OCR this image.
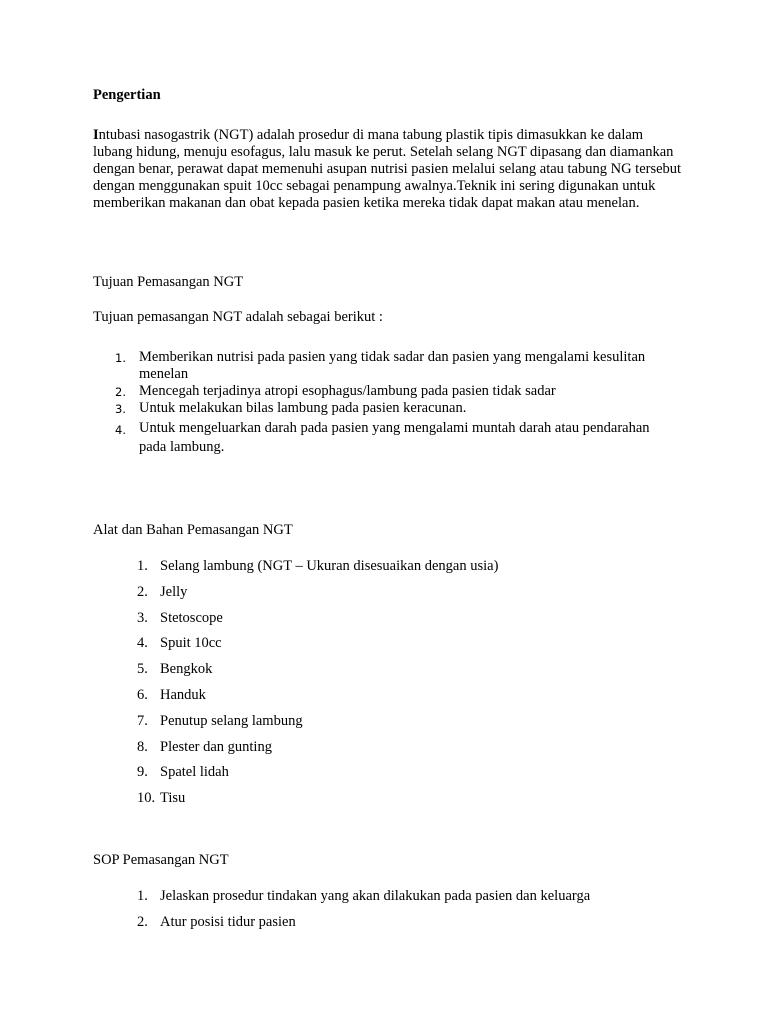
Pengertian
Intubasi nasogastrik (NGT) adalah prosedur di mana tabung plastik tipis dimasukkan ke dalam lubang hidung, menuju esofagus, lalu masuk ke perut. Setelah selang NGT dipasang dan diamankan dengan benar, perawat dapat memenuhi asupan nutrisi pasien melalui selang atau tabung NG tersebut dengan menggunakan spuit 10cc sebagai penampung awalnya.Teknik ini sering digunakan untuk memberikan makanan dan obat kepada pasien ketika mereka tidak dapat makan atau menelan.
Tujuan Pemasangan NGT
Tujuan pemasangan NGT adalah sebagai berikut :
1. Memberikan nutrisi pada pasien yang tidak sadar dan pasien yang mengalami kesulitan menelan
2. Mencegah terjadinya atropi esophagus/lambung pada pasien tidak sadar
3. Untuk melakukan bilas lambung pada pasien keracunan.
4. Untuk mengeluarkan darah pada pasien yang mengalami muntah darah atau pendarahan pada lambung.
Alat dan Bahan Pemasangan NGT
1. Selang lambung (NGT – Ukuran disesuaikan dengan usia)
2. Jelly
3. Stetoscope
4. Spuit 10cc
5. Bengkok
6. Handuk
7. Penutup selang lambung
8. Plester dan gunting
9. Spatel lidah
10. Tisu
SOP Pemasangan NGT
1. Jelaskan prosedur tindakan yang akan dilakukan pada pasien dan keluarga
2. Atur posisi tidur pasien
